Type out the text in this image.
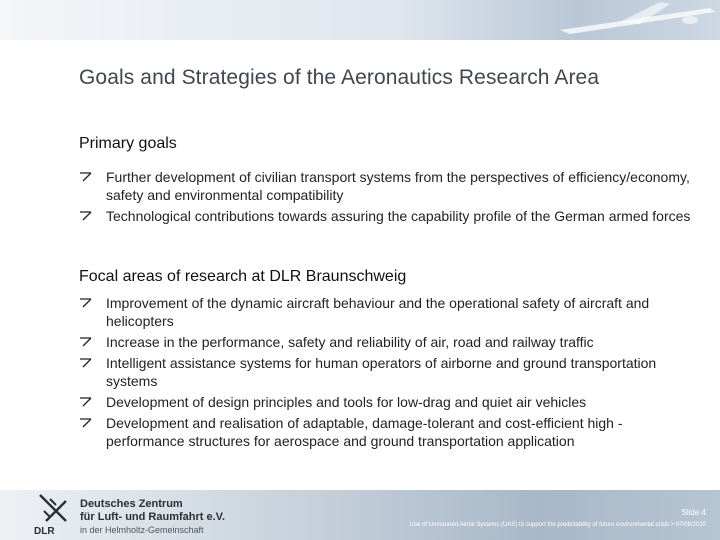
Goals and Strategies of the Aeronautics Research Area
Primary goals
Further development of civilian transport systems from the perspectives of efficiency/economy, safety and environmental compatibility
Technological contributions towards assuring the capability profile of the German armed forces
Focal areas of research at DLR Braunschweig
Improvement of the dynamic aircraft behaviour and the operational safety of aircraft and helicopters
Increase in the performance, safety and reliability of air, road and railway traffic
Intelligent assistance systems for human operators of airborne and ground transportation systems
Development of design principles and tools for low-drag and quiet air vehicles
Development and realisation of adaptable, damage-tolerant and cost-efficient high -performance structures for aerospace and ground transportation application
DLR
Deutsches Zentrum
für Luft- und Raumfahrt e.V.
in der Helmholtz-Gemeinschaft
Slide 4
Use of Unmanned Aerial Systems (UAS) to support the predictability of future environmental crisis > 07/08/2010
